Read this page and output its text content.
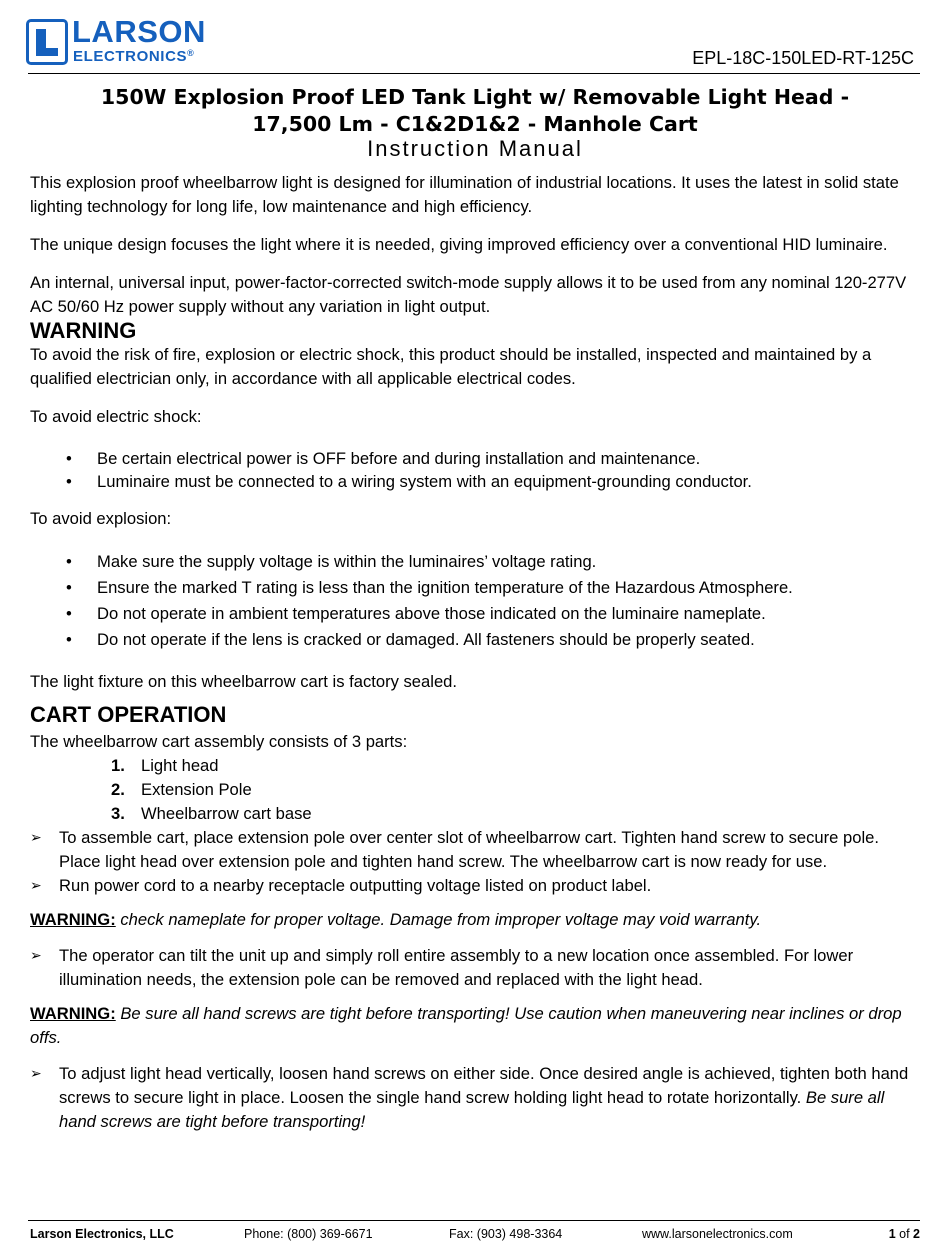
LARSON
ELECTRONICS®	EPL-18C-150LED-RT-125C
150W Explosion Proof LED Tank Light w/ Removable Light Head -
17,500 Lm - C1&2D1&2 - Manhole Cart
Instruction Manual

This explosion proof wheelbarrow light is designed for illumination of industrial locations. It uses the latest in solid state lighting technology for long life, low maintenance and high efficiency.

The unique design focuses the light where it is needed, giving improved efficiency over a conventional HID luminaire.

An internal, universal input, power-factor-corrected switch-mode supply allows it to be used from any nominal 120-277V AC 50/60 Hz power supply without any variation in light output.

WARNING

To avoid the risk of fire, explosion or electric shock, this product should be installed, inspected and maintained by a qualified electrician only, in accordance with all applicable electrical codes.

To avoid electric shock:

• Be certain electrical power is OFF before and during installation and maintenance.
• Luminaire must be connected to a wiring system with an equipment-grounding conductor.

To avoid explosion:

• Make sure the supply voltage is within the luminaires’ voltage rating.
• Ensure the marked T rating is less than the ignition temperature of the Hazardous Atmosphere.
• Do not operate in ambient temperatures above those indicated on the luminaire nameplate.
• Do not operate if the lens is cracked or damaged. All fasteners should be properly seated.

The light fixture on this wheelbarrow cart is factory sealed.

CART OPERATION

The wheelbarrow cart assembly consists of 3 parts:

1. Light head
2. Extension Pole
3. Wheelbarrow cart base
➢ To assemble cart, place extension pole over center slot of wheelbarrow cart. Tighten hand screw to secure pole. Place light head over extension pole and tighten hand screw. The wheelbarrow cart is now ready for use.
➢ Run power cord to a nearby receptacle outputting voltage listed on product label.

WARNING: check nameplate for proper voltage. Damage from improper voltage may void warranty.

➢ The operator can tilt the unit up and simply roll entire assembly to a new location once assembled. For lower illumination needs, the extension pole can be removed and replaced with the light head.

WARNING: Be sure all hand screws are tight before transporting! Use caution when maneuvering near inclines or drop offs.

➢ To adjust light head vertically, loosen hand screws on either side. Once desired angle is achieved, tighten both hand screws to secure light in place. Loosen the single hand screw holding light head to rotate horizontally. Be sure all hand screws are tight before transporting!
Larson Electronics, LLC	Phone: (800) 369-6671	Fax: (903) 498-3364	www.larsonelectronics.com	1 of 2
